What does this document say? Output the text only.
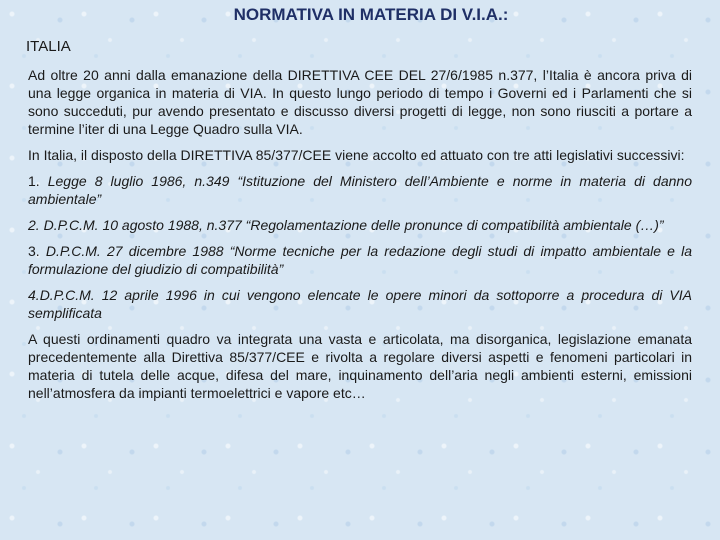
NORMATIVA IN MATERIA DI V.I.A.:
ITALIA

Ad oltre 20 anni dalla emanazione della DIRETTIVA CEE DEL 27/6/1985 n.377, l’Italia è ancora priva di una legge organica in materia di VIA. In questo lungo periodo di tempo i Governi ed i Parlamenti che si sono succeduti, pur avendo presentato e discusso diversi progetti di legge, non sono riusciti a portare a termine l’iter di una Legge Quadro sulla VIA.

In Italia, il disposto della DIRETTIVA 85/377/CEE viene accolto ed attuato con tre atti legislativi successivi:

1. Legge 8 luglio 1986, n.349 “Istituzione del Ministero dell’Ambiente e norme in materia di danno ambientale”

2. D.P.C.M. 10 agosto 1988, n.377 “Regolamentazione delle pronunce di compatibilità ambientale (…)”

3. D.P.C.M. 27 dicembre 1988 “Norme tecniche per la redazione degli studi di impatto ambientale e la formulazione del giudizio di compatibilità”

4.D.P.C.M. 12 aprile 1996 in cui vengono elencate le opere minori da sottoporre a procedura di VIA semplificata

A questi ordinamenti quadro va integrata una vasta e articolata, ma disorganica, legislazione emanata precedentemente alla Direttiva 85/377/CEE e rivolta a regolare diversi aspetti e fenomeni particolari in materia di tutela delle acque, difesa del mare, inquinamento dell’aria negli ambienti esterni, emissioni nell’atmosfera da impianti termoelettrici e vapore etc…
